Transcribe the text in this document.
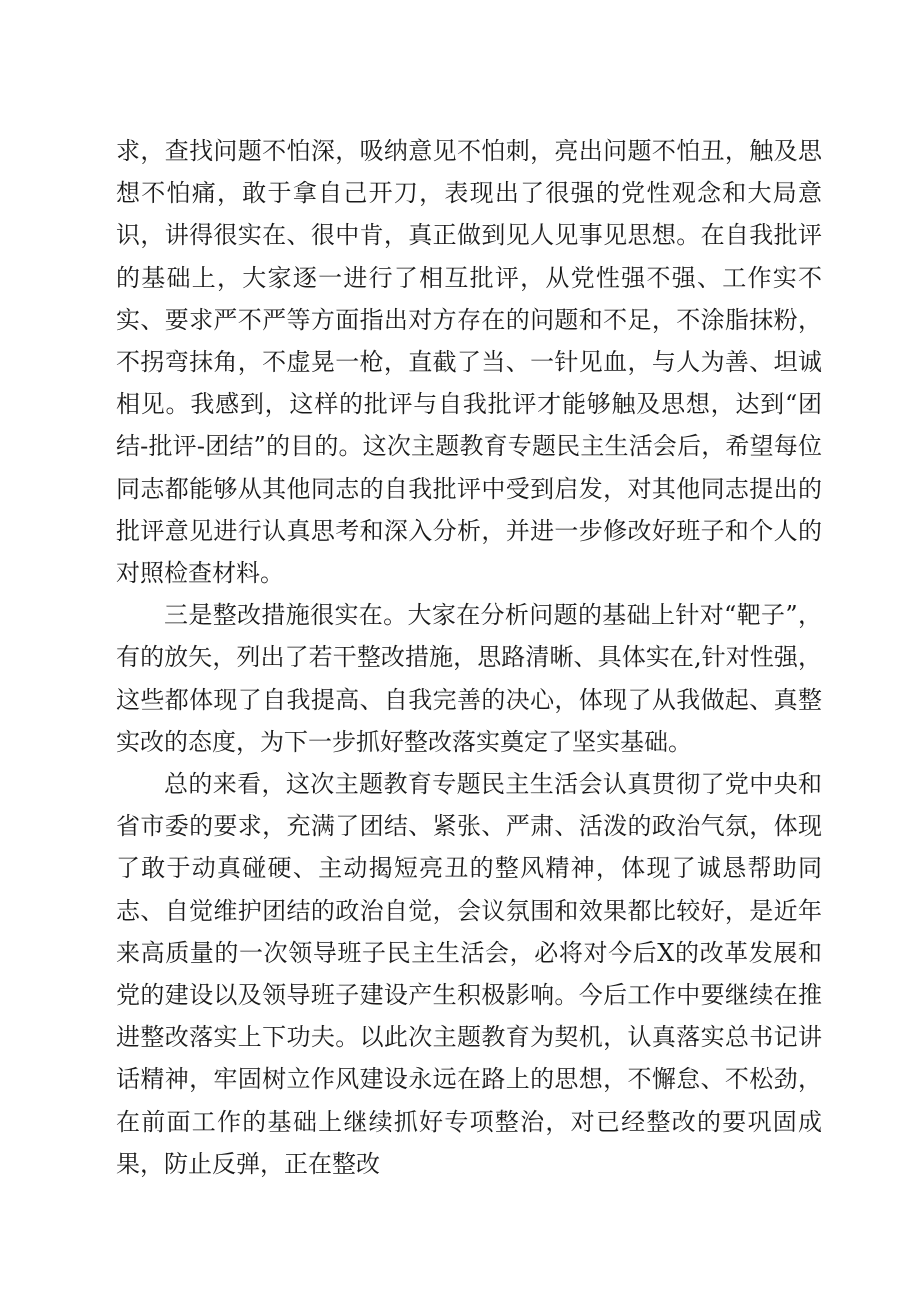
求，查找问题不怕深，吸纳意见不怕刺，亮出问题不怕丑，触及思想不怕痛，敢于拿自己开刀，表现出了很强的党性观念和大局意识，讲得很实在、很中肯，真正做到见人见事见思想。在自我批评的基础上，大家逐一进行了相互批评，从党性强不强、工作实不实、要求严不严等方面指出对方存在的问题和不足，不涂脂抹粉，不拐弯抹角，不虚晃一枪，直截了当、一针见血，与人为善、坦诚相见。我感到，这样的批评与自我批评才能够触及思想，达到“团结-批评-团结”的目的。这次主题教育专题民主生活会后，希望每位同志都能够从其他同志的自我批评中受到启发，对其他同志提出的批评意见进行认真思考和深入分析，并进一步修改好班子和个人的对照检查材料。

三是整改措施很实在。大家在分析问题的基础上针对“靶子”，有的放矢，列出了若干整改措施，思路清晰、具体实在,针对性强，这些都体现了自我提高、自我完善的决心，体现了从我做起、真整实改的态度，为下一步抓好整改落实奠定了坚实基础。

总的来看，这次主题教育专题民主生活会认真贯彻了党中央和省市委的要求，充满了团结、紧张、严肃、活泼的政治气氛，体现了敢于动真碰硬、主动揭短亮丑的整风精神，体现了诚恳帮助同志、自觉维护团结的政治自觉，会议氛围和效果都比较好，是近年来高质量的一次领导班子民主生活会，必将对今后X的改革发展和党的建设以及领导班子建设产生积极影响。今后工作中要继续在推进整改落实上下功夫。以此次主题教育为契机，认真落实总书记讲话精神，牢固树立作风建设永远在路上的思想，不懈怠、不松劲，在前面工作的基础上继续抓好专项整治，对已经整改的要巩固成果，防止反弹，正在整改
